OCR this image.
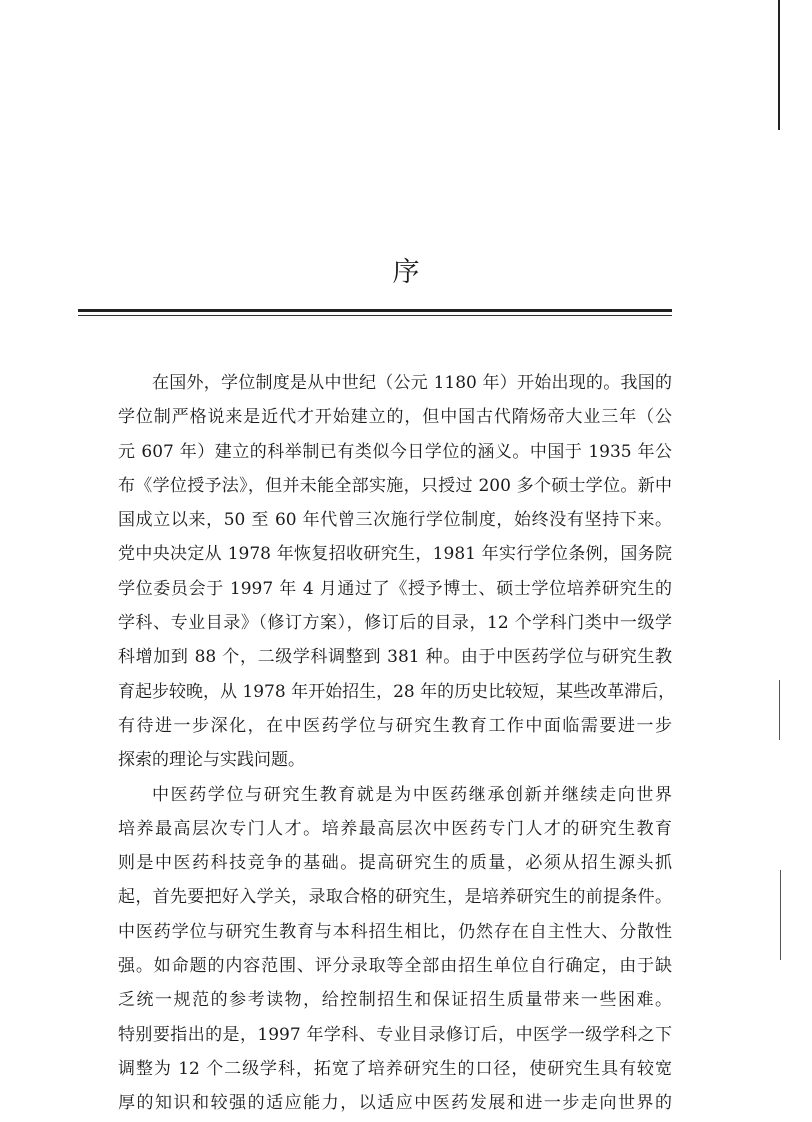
序
在国外，学位制度是从中世纪（公元 1180 年）开始出现的。我国的
学位制严格说来是近代才开始建立的，但中国古代隋炀帝大业三年（公
元 607 年）建立的科举制已有类似今日学位的涵义。中国于 1935 年公
布《学位授予法》，但并未能全部实施，只授过 200 多个硕士学位。新中
国成立以来，50 至 60 年代曾三次施行学位制度，始终没有坚持下来。
党中央决定从 1978 年恢复招收研究生，1981 年实行学位条例，国务院
学位委员会于 1997 年 4 月通过了《授予博士、硕士学位培养研究生的
学科、专业目录》（修订方案），修订后的目录，12 个学科门类中一级学
科增加到 88 个，二级学科调整到 381 种。由于中医药学位与研究生教
育起步较晚，从 1978 年开始招生，28 年的历史比较短，某些改革滞后，
有待进一步深化，在中医药学位与研究生教育工作中面临需要进一步
探索的理论与实践问题。
中医药学位与研究生教育就是为中医药继承创新并继续走向世界
培养最高层次专门人才。培养最高层次中医药专门人才的研究生教育
则是中医药科技竞争的基础。提高研究生的质量，必须从招生源头抓
起，首先要把好入学关，录取合格的研究生，是培养研究生的前提条件。
中医药学位与研究生教育与本科招生相比，仍然存在自主性大、分散性
强。如命题的内容范围、评分录取等全部由招生单位自行确定，由于缺
乏统一规范的参考读物，给控制招生和保证招生质量带来一些困难。
特别要指出的是，1997 年学科、专业目录修订后，中医学一级学科之下
调整为 12 个二级学科，拓宽了培养研究生的口径，使研究生具有较宽
厚的知识和较强的适应能力，以适应中医药发展和进一步走向世界的
